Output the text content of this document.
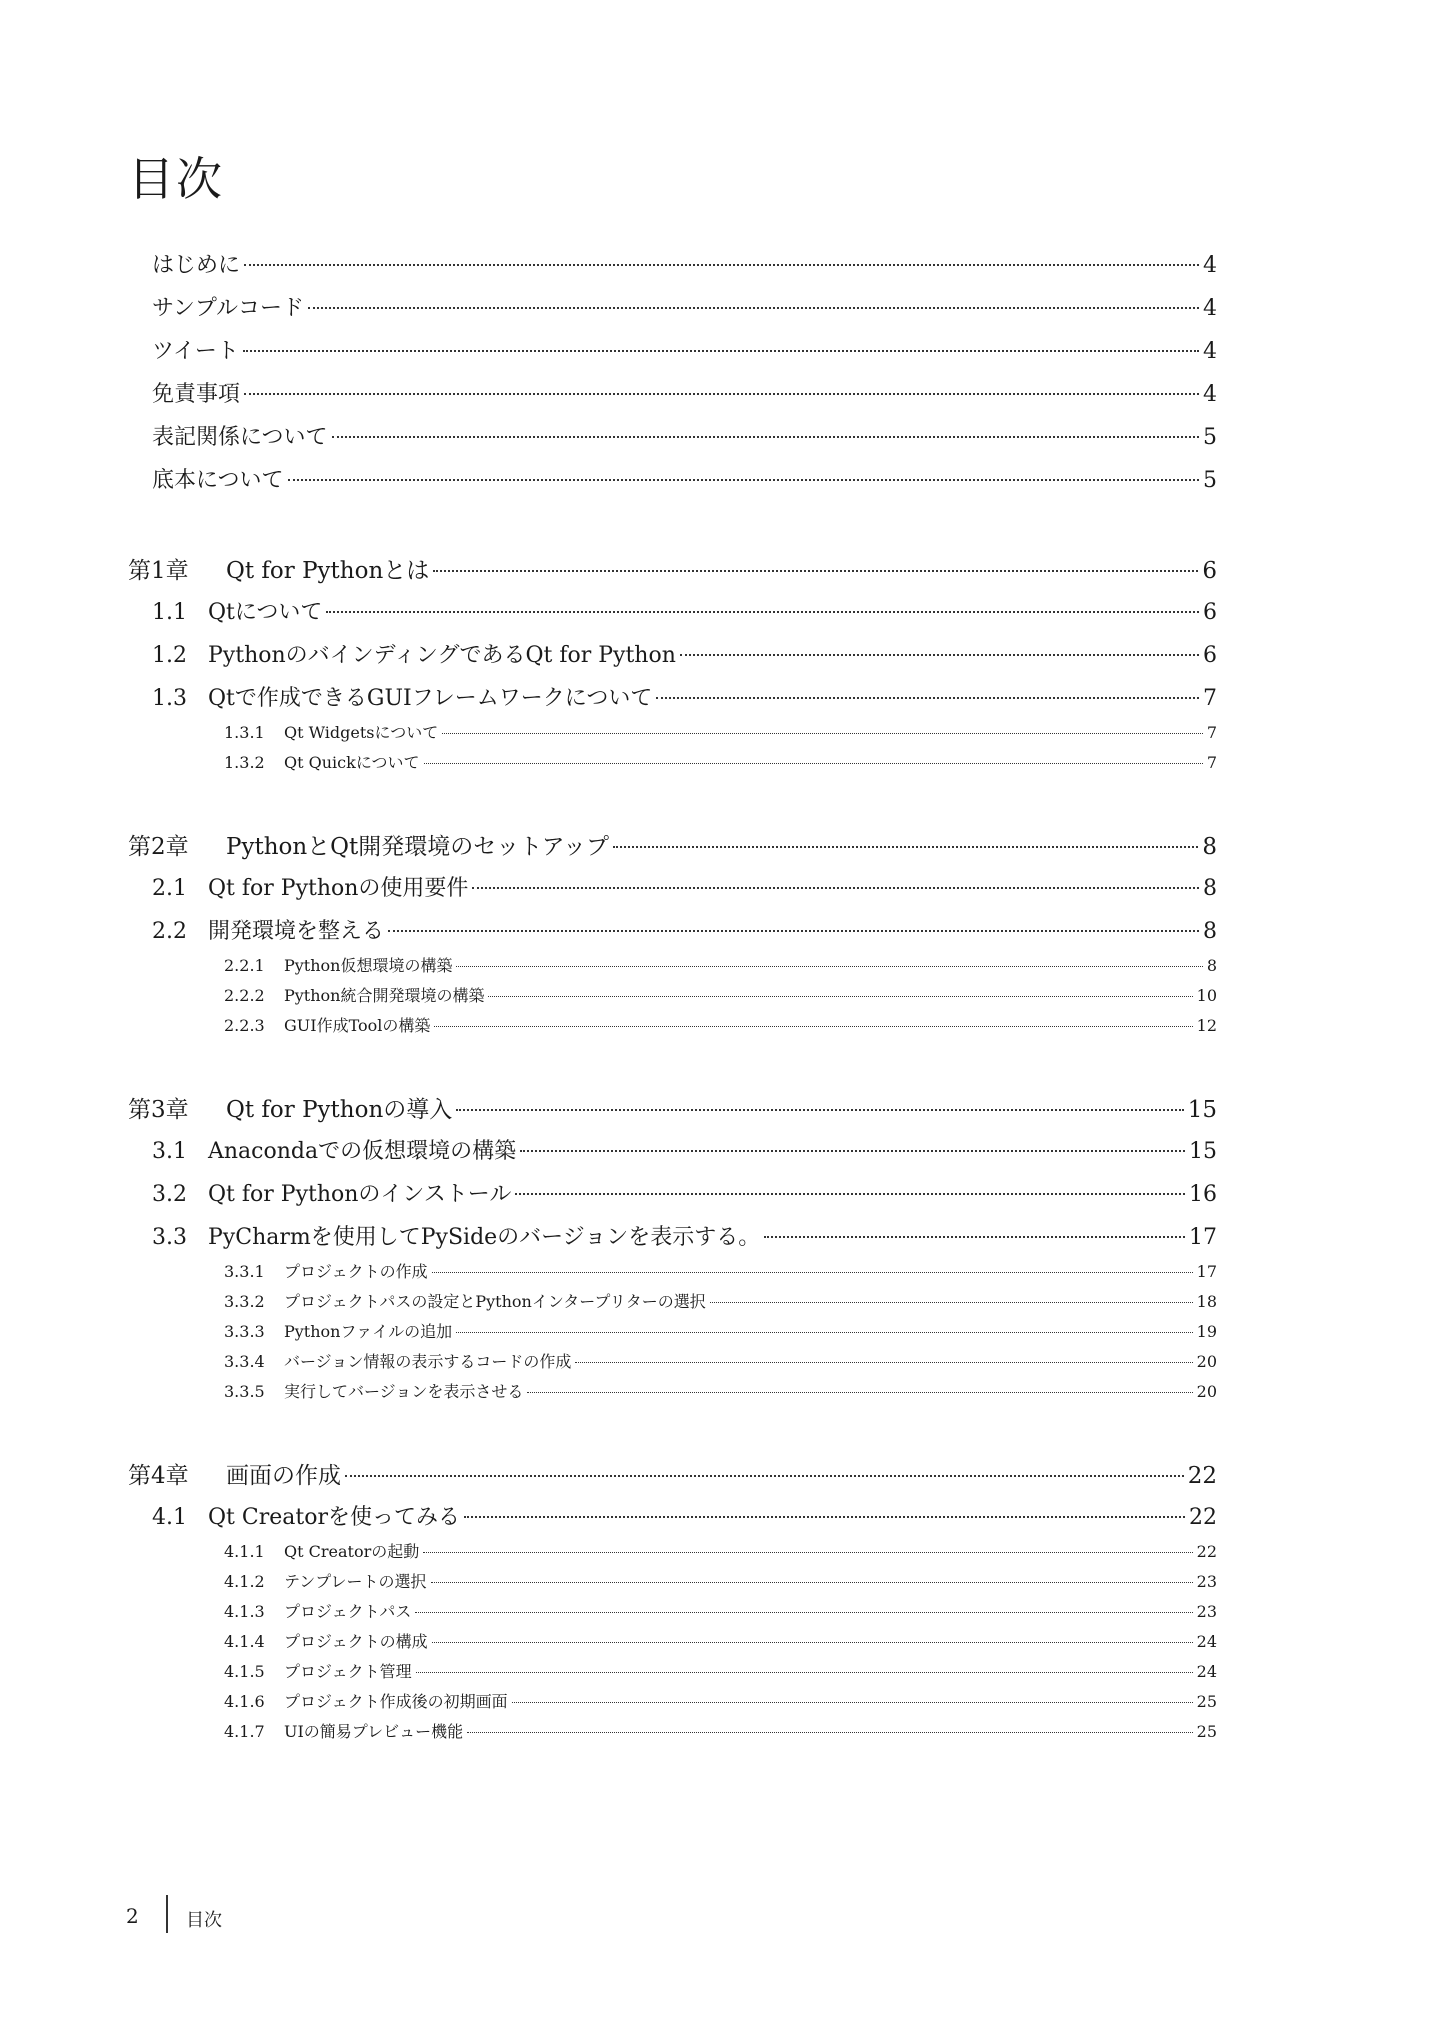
目次
はじめに	4
サンプルコード	4
ツイート	4
免責事項	4
表記関係について	5
底本について	5
第1章	Qt for Pythonとは	6
1.1 Qtについて	6
1.2 PythonのバインディングであるQt for Python	6
1.3 Qtで作成できるGUIフレームワークについて	7
1.3.1	Qt Widgetsについて	7
1.3.2	Qt Quickについて	7
第2章	PythonとQt開発環境のセットアップ	8
2.1 Qt for Pythonの使用要件	8
2.2 開発環境を整える	8
2.2.1	Python仮想環境の構築	8
2.2.2	Python統合開発環境の構築	10
2.2.3	GUI作成Toolの構築	12
第3章	Qt for Pythonの導入	15
3.1 Anacondaでの仮想環境の構築	15
3.2 Qt for Pythonのインストール	16
3.3 PyCharmを使用してPySideのバージョンを表示する。	17
3.3.1	プロジェクトの作成	17
3.3.2	プロジェクトパスの設定とPythonインタープリターの選択	18
3.3.3	Pythonファイルの追加	19
3.3.4	バージョン情報の表示するコードの作成	20
3.3.5	実行してバージョンを表示させる	20
第4章	画面の作成	22
4.1 Qt Creatorを使ってみる	22
4.1.1	Qt Creatorの起動	22
4.1.2	テンプレートの選択	23
4.1.3	プロジェクトパス	23
4.1.4	プロジェクトの構成	24
4.1.5	プロジェクト管理	24
4.1.6	プロジェクト作成後の初期画面	25
4.1.7	UIの簡易プレビュー機能	25
2	目次
